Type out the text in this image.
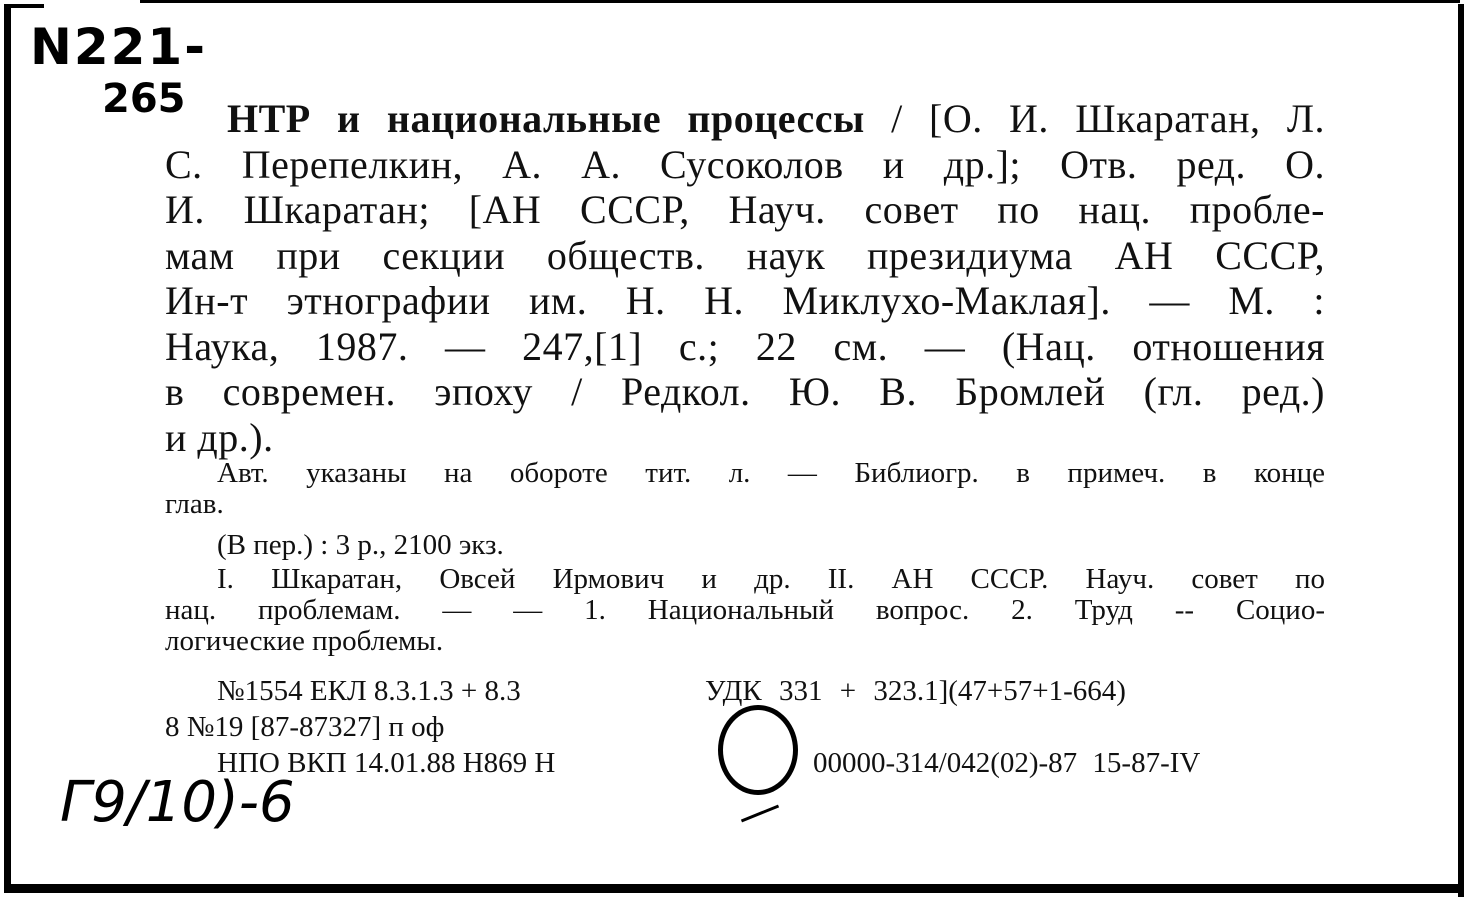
N221-
265	НТР и национальные процессы / [О. И. Шкаратан, Л.
С. Перепелкин, А. А. Сусоколов и др.]; Отв. ред. О.
И. Шкаратан; [АН СССР, Науч. совет по нац. пробле-
мам при секции обществ. наук президиума АН СССР,
Ин-т этнографии им. Н. Н. Миклухо-Маклая]. — М. :
Наука, 1987. — 247,[1] с.; 22 см. — (Нац. отношения
в современ. эпоху / Редкол. Ю. В. Бромлей (гл. ред.)
и др.).
Авт. указаны на обороте тит. л. — Библиогр. в примеч. в конце
глав.
(В пер.) : 3 р., 2100 экз.
I. Шкаратан, Овсей Ирмович и др. II. АН СССР. Науч. совет по
нац. проблемам. — — 1. Национальный вопрос. 2. Труд -- Социо-
логические проблемы.
№1554 ЕКЛ 8.3.1.3 + 8.3	УДК 331 + 323.1](47+57+1-664)
8 №19 [87-87327] п оф
НПО ВКП 14.01.88 Н869 Н	00000-314/042(02)-87 15-87-IV
Г9/10)-6
